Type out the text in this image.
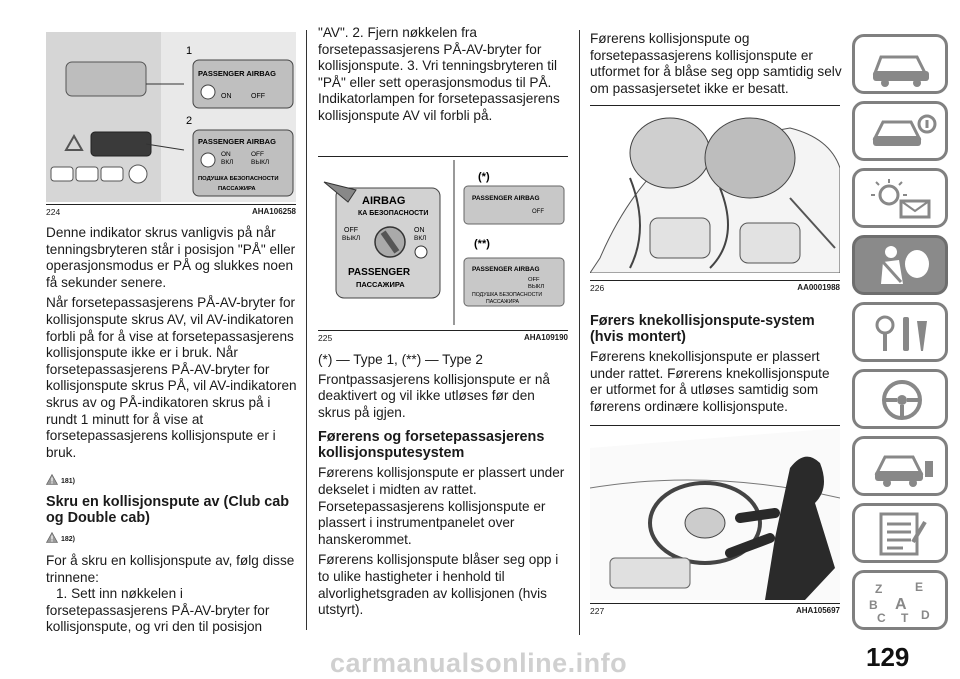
1
2
PASSENGER AIRBAG
ON	OFF
PASSENGER AIRBAG
ON
ВКЛ
OFF
ВЫКЛ
ПОДУШКА БЕЗОПАСНОСТИ
ПАССАЖИРА
224	AHA106258

Denne indikator skrus vanligvis på når tenningsbryteren står i posisjon "PÅ" eller operasjonsmodus er PÅ og slukkes noen få sekunder senere.

Når forsetepassasjerens PÅ-AV-bryter for kollisjonspute skrus AV, vil AV-indikatoren forbli på for å vise at forsetepassasjerens kollisjonspute ikke er i bruk. Når forsetepassasjerens PÅ-AV-bryter for kollisjonspute skrus PÅ, vil AV-indikatoren skrus av og PÅ-indikatoren skrus på i rundt 1 minutt for å vise at forsetepassasjerens kollisjonspute er i bruk.

181)
Skru en kollisjonspute av (Club cab og Double cab)
182)

For å skru en kollisjonspute av, følg disse trinnene:

1. Sett inn nøkkelen i

forsetepassasjerens PÅ-AV-bryter for kollisjonspute, og vri den til posisjon

"AV". 2. Fjern nøkkelen fra forsetepassasjerens PÅ-AV-bryter for kollisjonspute. 3. Vri tenningsbryteren til "PÅ" eller sett operasjonsmodus til PÅ. Indikatorlampen for forsetepassasjerens kollisjonspute AV vil forbli på.

AIRBAG
КА БЕЗОПАСНОСТИ
OFF
ВЫКЛ
ON
ВКЛ
PASSENGER
ПАССАЖИРА
(*)
PASSENGER AIRBAG
OFF
(**)
PASSENGER AIRBAG
OFF
ВЫКЛ
ПОДУШКА БЕЗОПАСНОСТИ
ПАССАЖИРА
225	AHA109190

(*) — Type 1, (**) — Type 2

Frontpassasjerens kollisjonspute er nå deaktivert og vil ikke utløses før den skrus på igjen.

Førerens og forsetepassasjerens kollisjonsputesystem

Førerens kollisjonspute er plassert under dekselet i midten av rattet. Forsetepassasjerens kollisjonspute er plassert i instrumentpanelet over hanskerommet.

Førerens kollisjonspute blåser seg opp i to ulike hastigheter i henhold til alvorlighetsgraden av kollisjonen (hvis utstyrt).

Førerens kollisjonspute og forsetepassasjerens kollisjonspute er utformet for å blåse seg opp samtidig selv om passasjersetet ikke er besatt.

226	AA0001988
Førers knekollisjonspute-system (hvis montert)

Førerens knekollisjonspute er plassert under rattet. Førerens knekollisjonspute er utformet for å utløses samtidig som førerens ordinære kollisjonspute.

227	AHA105697
Z	E
B A
C T D
carmanualsonline.info	129
